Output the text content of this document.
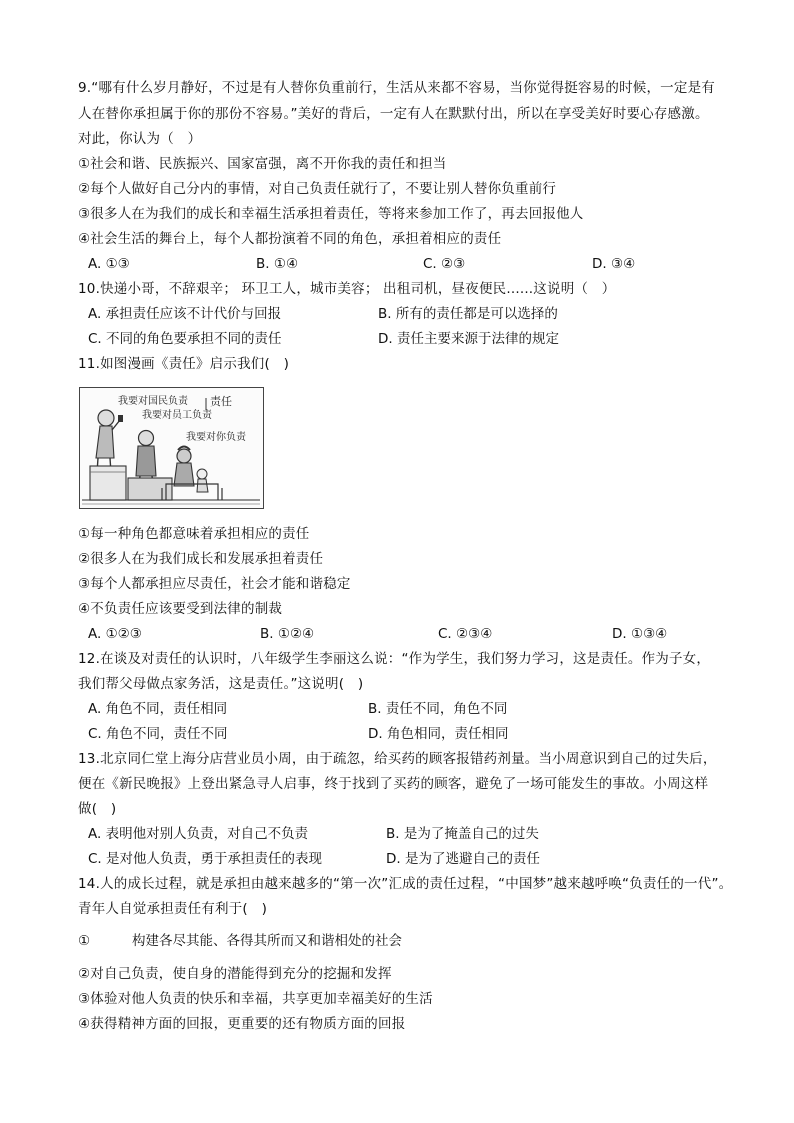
9.“哪有什么岁月静好，不过是有人替你负重前行，生活从来都不容易，当你觉得挺容易的时候，一定是有
人在替你承担属于你的那份不容易。”美好的背后，一定有人在默默付出，所以在享受美好时要心存感激。
对此，你认为（　）
①社会和谐、民族振兴、国家富强，离不开你我的责任和担当
②每个人做好自己分内的事情，对自己负责任就行了，不要让别人替你负重前行
③很多人在为我们的成长和幸福生活承担着责任，等将来参加工作了，再去回报他人
④社会生活的舞台上，每个人都扮演着不同的角色，承担着相应的责任
A. ①③	B. ①④	C. ②③	D. ③④
10.快递小哥，不辞艰辛； 环卫工人，城市美容； 出租司机，昼夜便民......这说明（　）
A. 承担责任应该不计代价与回报	B. 所有的责任都是可以选择的
C. 不同的角色要承担不同的责任	D. 责任主要来源于法律的规定
11.如图漫画《责任》启示我们(　)
我要对国民负责 责任
我要对员工负责
我要对你负责
①每一种角色都意味着承担相应的责任
②很多人在为我们成长和发展承担着责任
③每个人都承担应尽责任，社会才能和谐稳定
④不负责任应该要受到法律的制裁
A. ①②③	B. ①②④	C. ②③④	D. ①③④
12.在谈及对责任的认识时，八年级学生李丽这么说：“作为学生，我们努力学习，这是责任。作为子女，
我们帮父母做点家务活，这是责任。”这说明(　)
A. 角色不同，责任相同	B. 责任不同，角色不同
C. 角色不同，责任不同	D. 角色相同，责任相同
13.北京同仁堂上海分店营业员小周，由于疏忽，给买药的顾客报错药剂量。当小周意识到自己的过失后，
便在《新民晚报》上登出紧急寻人启事，终于找到了买药的顾客，避免了一场可能发生的事故。小周这样
做(　)
A. 表明他对别人负责，对自己不负责	B. 是为了掩盖自己的过失
C. 是对他人负责，勇于承担责任的表现	D. 是为了逃避自己的责任
14.人的成长过程，就是承担由越来越多的“第一次”汇成的责任过程，“中国梦”越来越呼唤“负责任的一代”。
青年人自觉承担责任有利于(　)
①	构建各尽其能、各得其所而又和谐相处的社会
②对自己负责，使自身的潜能得到充分的挖掘和发挥
③体验对他人负责的快乐和幸福，共享更加幸福美好的生活
④获得精神方面的回报，更重要的还有物质方面的回报
